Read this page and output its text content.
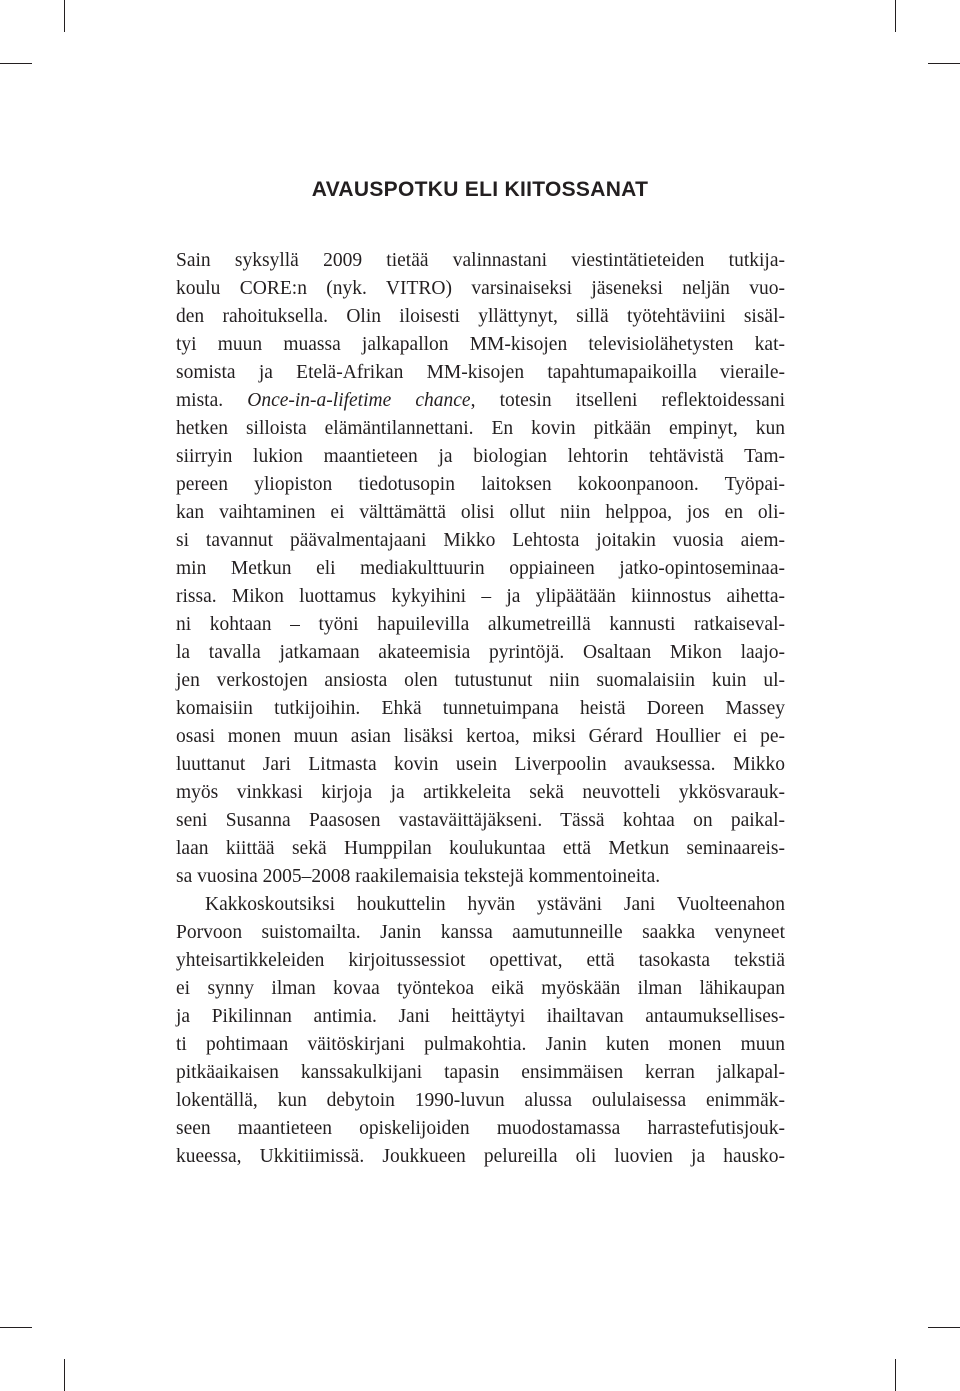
AVAUSPOTKU ELI KIITOSSANAT
Sain syksyllä 2009 tietää valinnastani viestintätieteiden tutkija-
koulu CORE:n (nyk. VITRO) varsinaiseksi jäseneksi neljän vuo-
den rahoituksella. Olin iloisesti yllättynyt, sillä työtehtäviini sisäl-
tyi muun muassa jalkapallon MM-kisojen televisiolähetysten kat-
somista ja Etelä-Afrikan MM-kisojen tapahtumapaikoilla vieraile-
mista. Once-in-a-lifetime chance, totesin itselleni reflektoidessani
hetken silloista elämäntilannettani. En kovin pitkään empinyt, kun
siirryin lukion maantieteen ja biologian lehtorin tehtävistä Tam-
pereen yliopiston tiedotusopin laitoksen kokoonpanoon. Työpai-
kan vaihtaminen ei välttämättä olisi ollut niin helppoa, jos en oli-
si tavannut päävalmentajaani Mikko Lehtosta joitakin vuosia aiem-
min Metkun eli mediakulttuurin oppiaineen jatko-opintoseminaa-
rissa. Mikon luottamus kykyihini – ja ylipäätään kiinnostus aihetta-
ni kohtaan – työni hapuilevilla alkumetreillä kannusti ratkaiseval-
la tavalla jatkamaan akateemisia pyrintöjä. Osaltaan Mikon laajo-
jen verkostojen ansiosta olen tutustunut niin suomalaisiin kuin ul-
komaisiin tutkijoihin. Ehkä tunnetuimpana heistä Doreen Massey
osasi monen muun asian lisäksi kertoa, miksi Gérard Houllier ei pe-
luuttanut Jari Litmasta kovin usein Liverpoolin avauksessa. Mikko
myös vinkkasi kirjoja ja artikkeleita sekä neuvotteli ykkösvarauk-
seni Susanna Paasosen vastaväittäjäkseni. Tässä kohtaa on paikal-
laan kiittää sekä Humppilan koulukuntaa että Metkun seminaareis-
sa vuosina 2005–2008 raakilemaisia tekstejä kommentoineita.
Kakkoskoutsiksi houkuttelin hyvän ystäväni Jani Vuolteenahon
Porvoon suistomailta. Janin kanssa aamutunneille saakka venyneet
yhteisartikkeleiden kirjoitussessiot opettivat, että tasokasta tekstiä
ei synny ilman kovaa työntekoa eikä myöskään ilman lähikaupan
ja Pikilinnan antimia. Jani heittäytyi ihailtavan antaumuksellises-
ti pohtimaan väitöskirjani pulmakohtia. Janin kuten monen muun
pitkäaikaisen kanssakulkijani tapasin ensimmäisen kerran jalkapal-
lokentällä, kun debytoin 1990-luvun alussa oululaisessa enimmäk-
seen maantieteen opiskelijoiden muodostamassa harrastefutisjouk-
kueessa, Ukkitiimissä. Joukkueen pelureilla oli luovien ja hausko-
